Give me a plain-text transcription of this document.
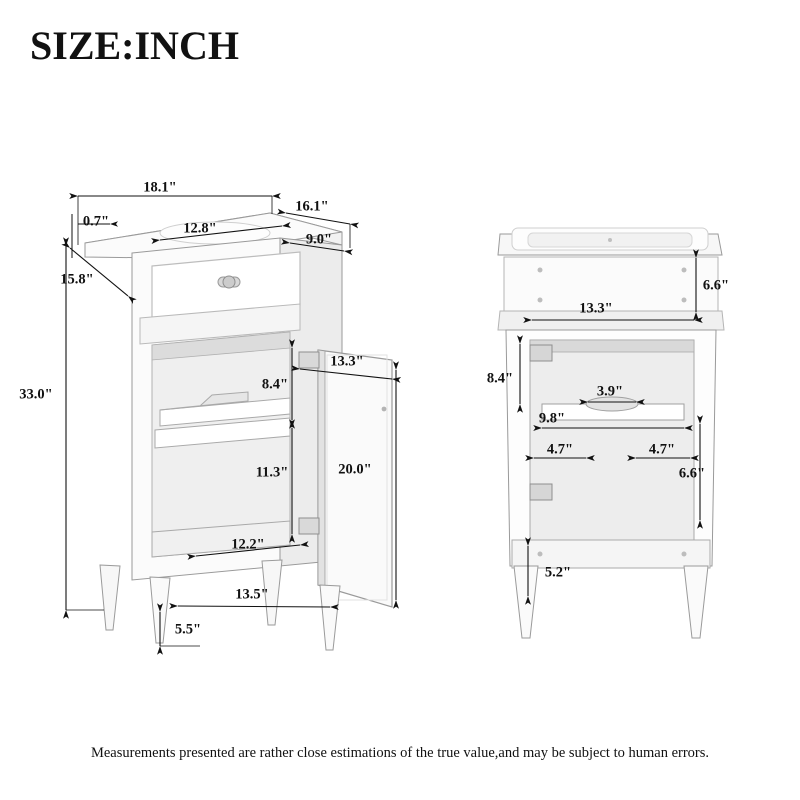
SIZE:INCH
18.1"
16.1"
0.7"	12.8"
9.0"
15.8"
33.0"
13.3"
8.4"
20.0"
11.3"
12.2"
13.5"
5.5"
13.3"
6.6"
8.4"
3.9"
9.8"
4.7"	4.7"
6.6"
5.2"
Measurements presented are rather close estimations of the true value,and may be subject to human errors.
